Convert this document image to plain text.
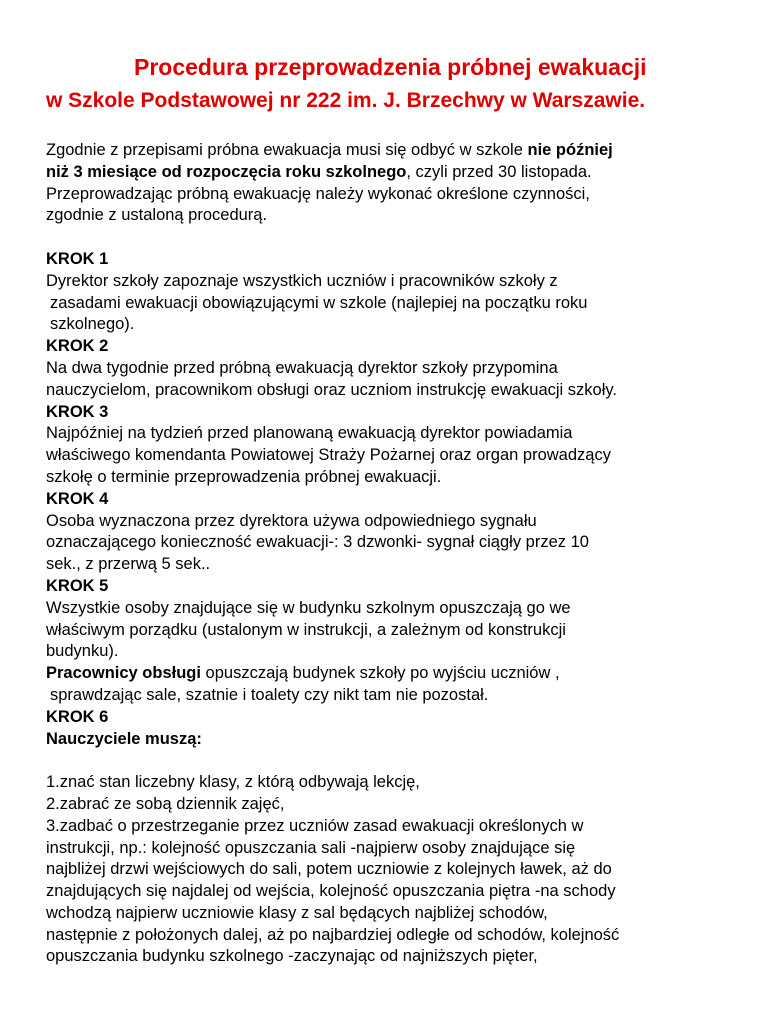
Procedura przeprowadzenia próbnej ewakuacji
w Szkole Podstawowej nr 222 im. J. Brzechwy w Warszawie.
Zgodnie z przepisami próbna ewakuacja musi się odbyć w szkole nie później
niż 3 miesiące od rozpoczęcia roku szkolnego, czyli przed 30 listopada.
Przeprowadzając próbną ewakuację należy wykonać określone czynności,
zgodnie z ustaloną procedurą.
KROK 1
Dyrektor szkoły zapoznaje wszystkich uczniów i pracowników szkoły z
zasadami ewakuacji obowiązującymi w szkole (najlepiej na początku roku
szkolnego).
KROK 2
Na dwa tygodnie przed próbną ewakuacją dyrektor szkoły przypomina
nauczycielom, pracownikom obsługi oraz uczniom instrukcję ewakuacji szkoły.
KROK 3
Najpóźniej na tydzień przed planowaną ewakuacją dyrektor powiadamia
właściwego komendanta Powiatowej Straży Pożarnej oraz organ prowadzący
szkołę o terminie przeprowadzenia próbnej ewakuacji.
KROK 4
Osoba wyznaczona przez dyrektora używa odpowiedniego sygnału
oznaczającego konieczność ewakuacji-: 3 dzwonki- sygnał ciągły przez 10
sek., z przerwą 5 sek..
KROK 5
Wszystkie osoby znajdujące się w budynku szkolnym opuszczają go we
właściwym porządku (ustalonym w instrukcji, a zależnym od konstrukcji
budynku).
Pracownicy obsługi opuszczają budynek szkoły po wyjściu uczniów ,
sprawdzając sale, szatnie i toalety czy nikt tam nie pozostał.
KROK 6
Nauczyciele muszą:
1.znać stan liczebny klasy, z którą odbywają lekcję,
2.zabrać ze sobą dziennik zajęć,
3.zadbać o przestrzeganie przez uczniów zasad ewakuacji określonych w
instrukcji, np.: kolejność opuszczania sali -najpierw osoby znajdujące się
najbliżej drzwi wejściowych do sali, potem uczniowie z kolejnych ławek, aż do
znajdujących się najdalej od wejścia, kolejność opuszczania piętra -na schody
wchodzą najpierw uczniowie klasy z sal będących najbliżej schodów,
następnie z położonych dalej, aż po najbardziej odległe od schodów, kolejność
opuszczania budynku szkolnego -zaczynając od najniższych pięter,
